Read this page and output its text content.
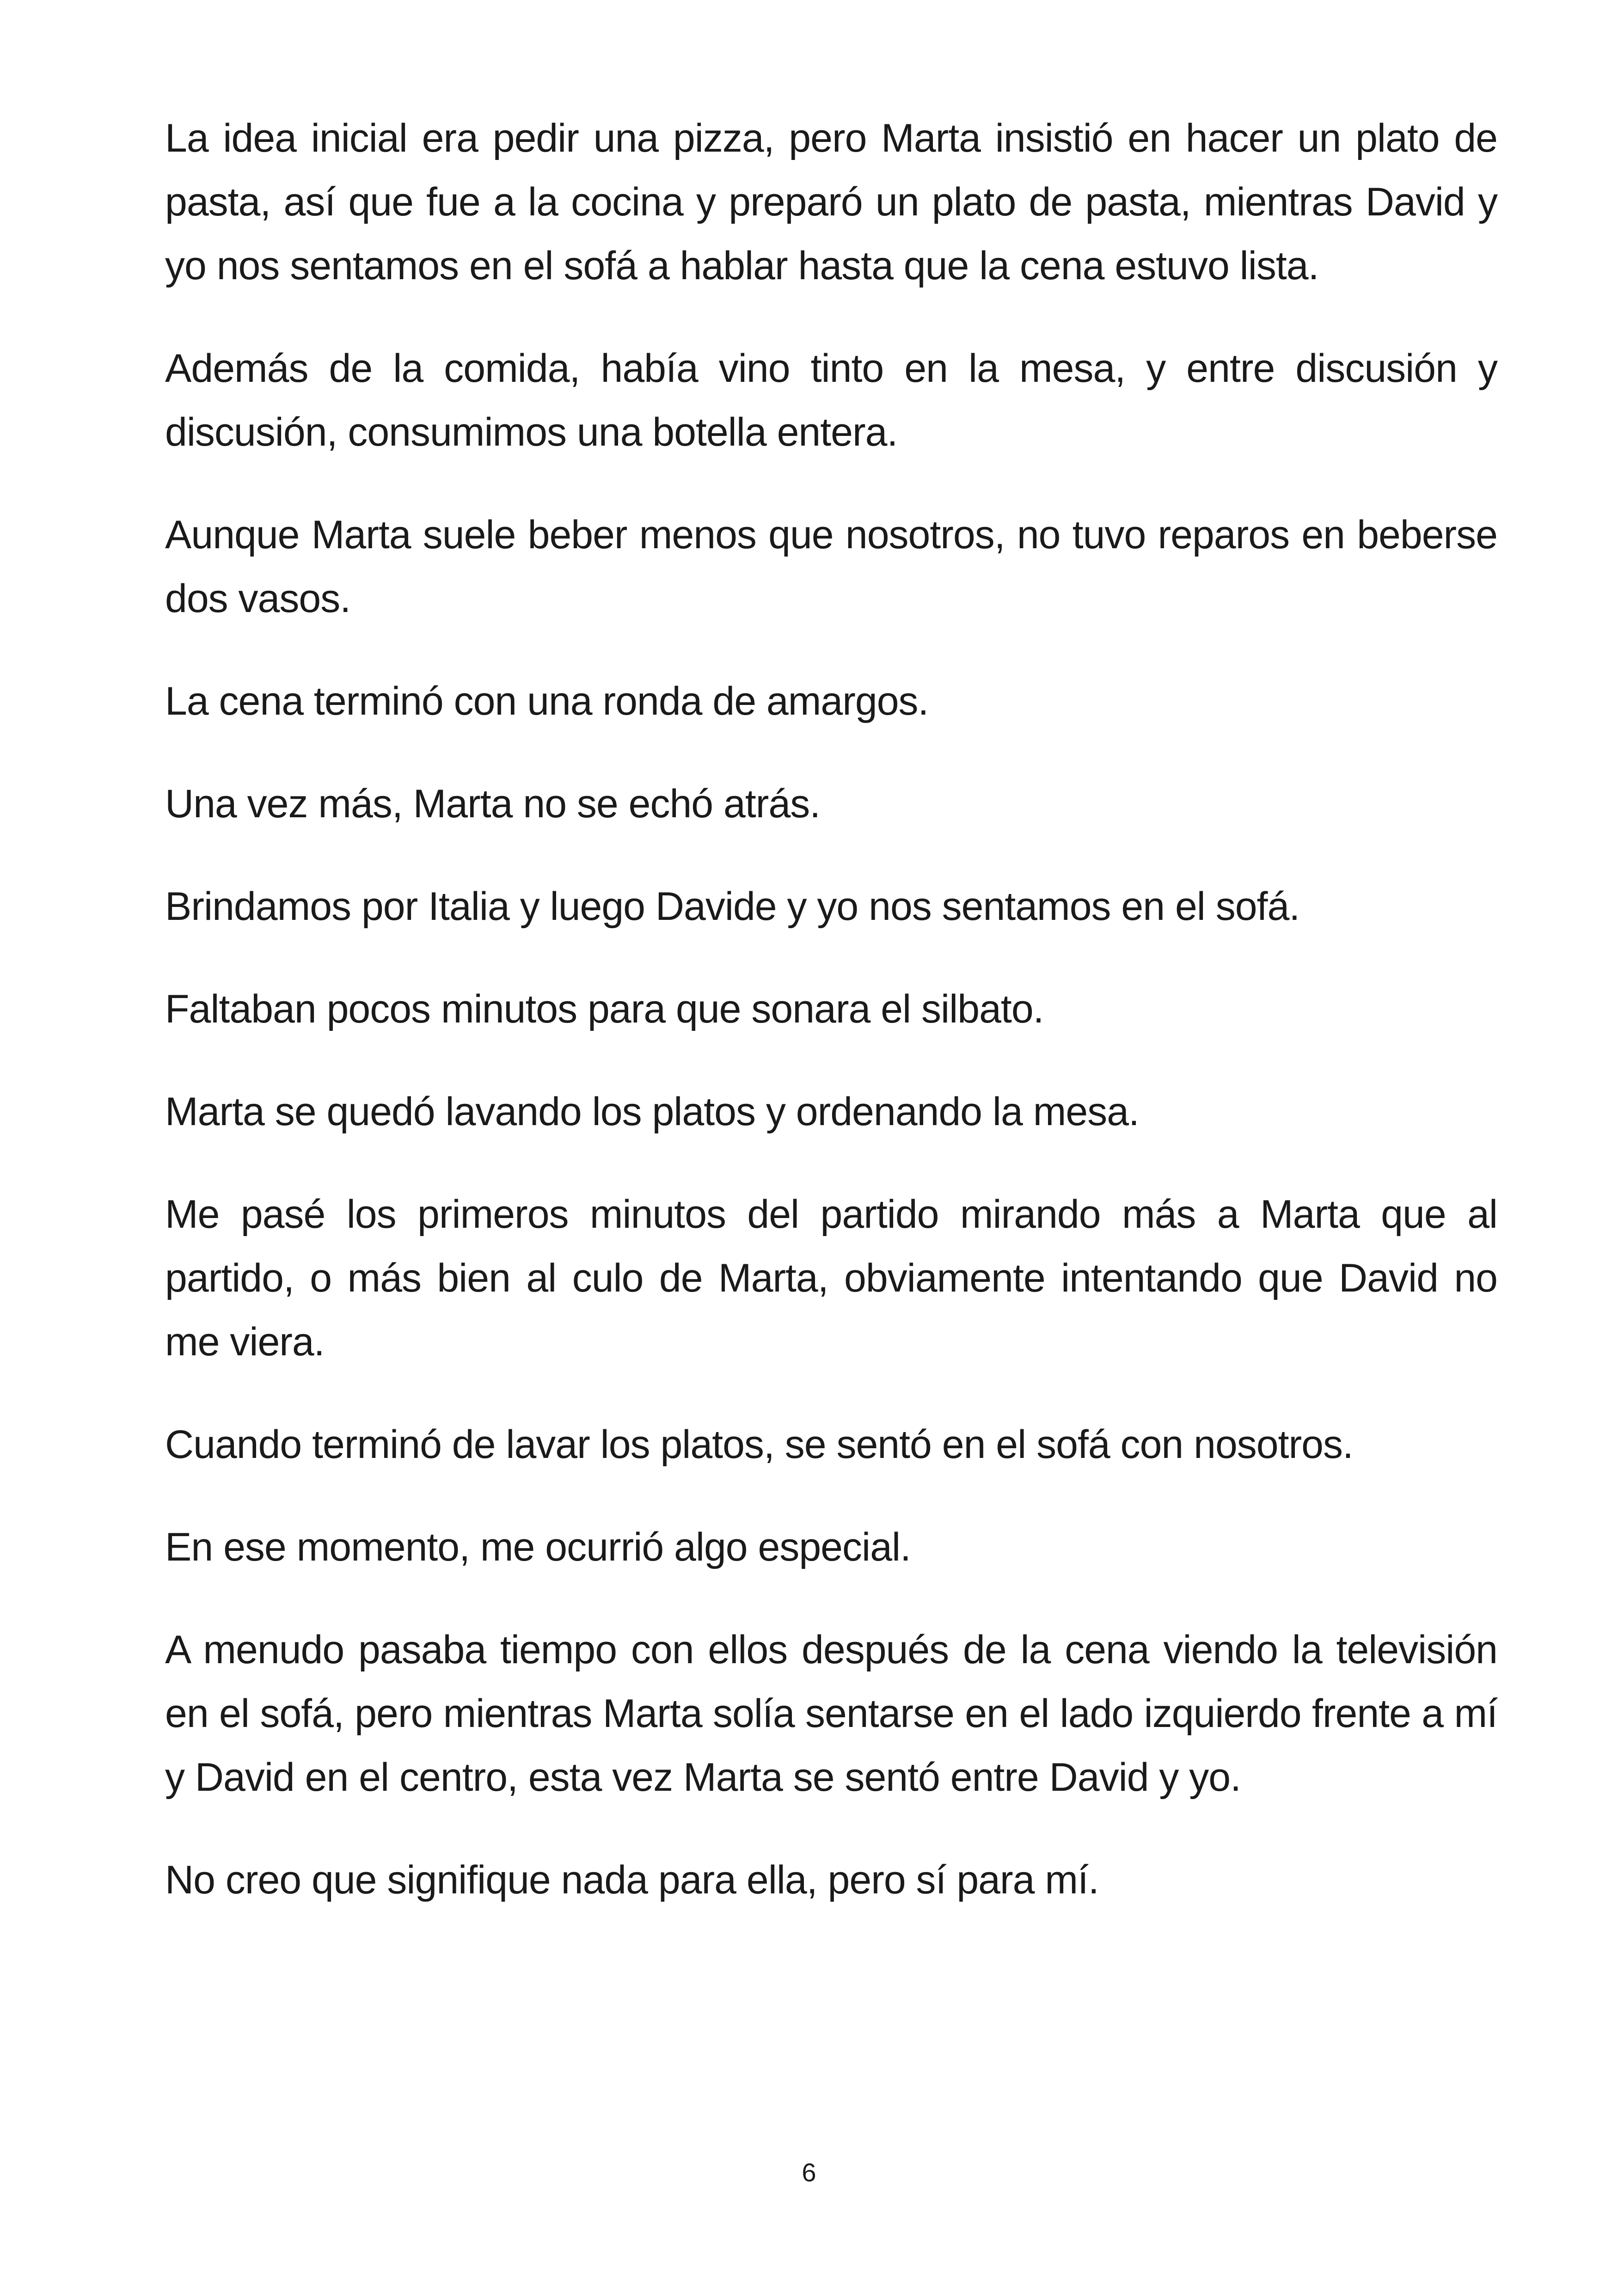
La idea inicial era pedir una pizza, pero Marta insistió en hacer un plato de pasta, así que fue a la cocina y preparó un plato de pasta, mientras David y yo nos sentamos en el sofá a hablar hasta que la cena estuvo lista.

Además de la comida, había vino tinto en la mesa, y entre discusión y discusión, consumimos una botella entera.

Aunque Marta suele beber menos que nosotros, no tuvo reparos en beberse dos vasos.

La cena terminó con una ronda de amargos.

Una vez más, Marta no se echó atrás.

Brindamos por Italia y luego Davide y yo nos sentamos en el sofá.

Faltaban pocos minutos para que sonara el silbato.

Marta se quedó lavando los platos y ordenando la mesa.

Me pasé los primeros minutos del partido mirando más a Marta que al partido, o más bien al culo de Marta, obviamente intentando que David no me viera.

Cuando terminó de lavar los platos, se sentó en el sofá con nosotros.

En ese momento, me ocurrió algo especial.

A menudo pasaba tiempo con ellos después de la cena viendo la televisión en el sofá, pero mientras Marta solía sentarse en el lado izquierdo frente a mí y David en el centro, esta vez Marta se sentó entre David y yo.

No creo que signifique nada para ella, pero sí para mí.

6
